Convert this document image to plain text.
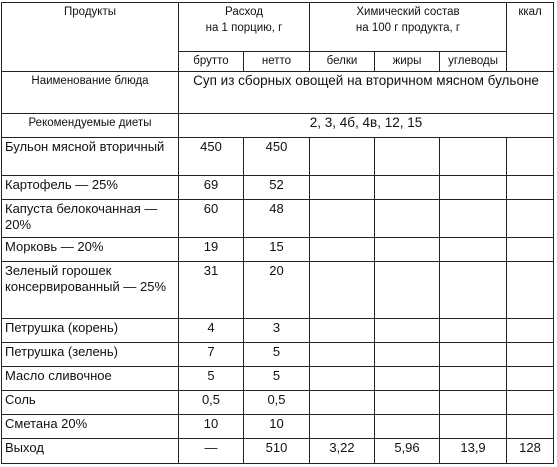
Продукты	Расход
на 1 порцию, г		Химический состав
на 100 г продукта, г			ккал
	брутто	нетто	белки	жиры	углеводы	
Наименование блюда	Суп из сборных овощей на вторичном мясном бульоне					
Рекомендуемые диеты	2, 3, 4б, 4в, 12, 15					
Бульон мясной вторичный	450	450				
Картофель — 25%	69	52				
Капуста белокочанная — 20%	60	48				
Морковь — 20%	19	15				
Зеленый горошек консервированный — 25%	31	20				
Петрушка (корень)	4	3				
Петрушка (зелень)	7	5				
Масло сливочное	5	5				
Соль	0,5	0,5				
Сметана 20%	10	10				
Выход	—	510	3,22	5,96	13,9	128
